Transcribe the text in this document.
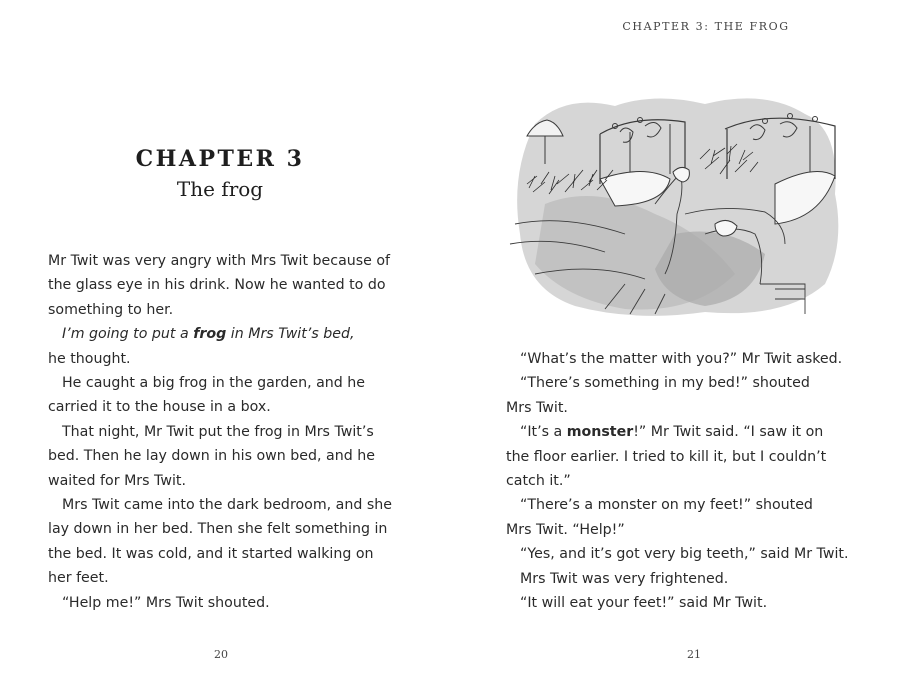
CHAPTER 3
The frog
Mr Twit was very angry with Mrs Twit because of
the glass eye in his drink. Now he wanted to do
something to her.
I’m going to put a frog in Mrs Twit’s bed,
he thought.
He caught a big frog in the garden, and he
carried it to the house in a box.
That night, Mr Twit put the frog in Mrs Twit’s
bed. Then he lay down in his own bed, and he
waited for Mrs Twit.
Mrs Twit came into the dark bedroom, and she
lay down in her bed. Then she felt something in
the bed. It was cold, and it started walking on
her feet.
“Help me!” Mrs Twit shouted.
20
CHAPTER 3: THE FROG
“What’s the matter with you?” Mr Twit asked.
“There’s something in my bed!” shouted
Mrs Twit.
“It’s a monster!” Mr Twit said. “I saw it on
the floor earlier. I tried to kill it, but I couldn’t
catch it.”
“There’s a monster on my feet!” shouted
Mrs Twit. “Help!”
“Yes, and it’s got very big teeth,” said Mr Twit.
Mrs Twit was very frightened.
“It will eat your feet!” said Mr Twit.
21
